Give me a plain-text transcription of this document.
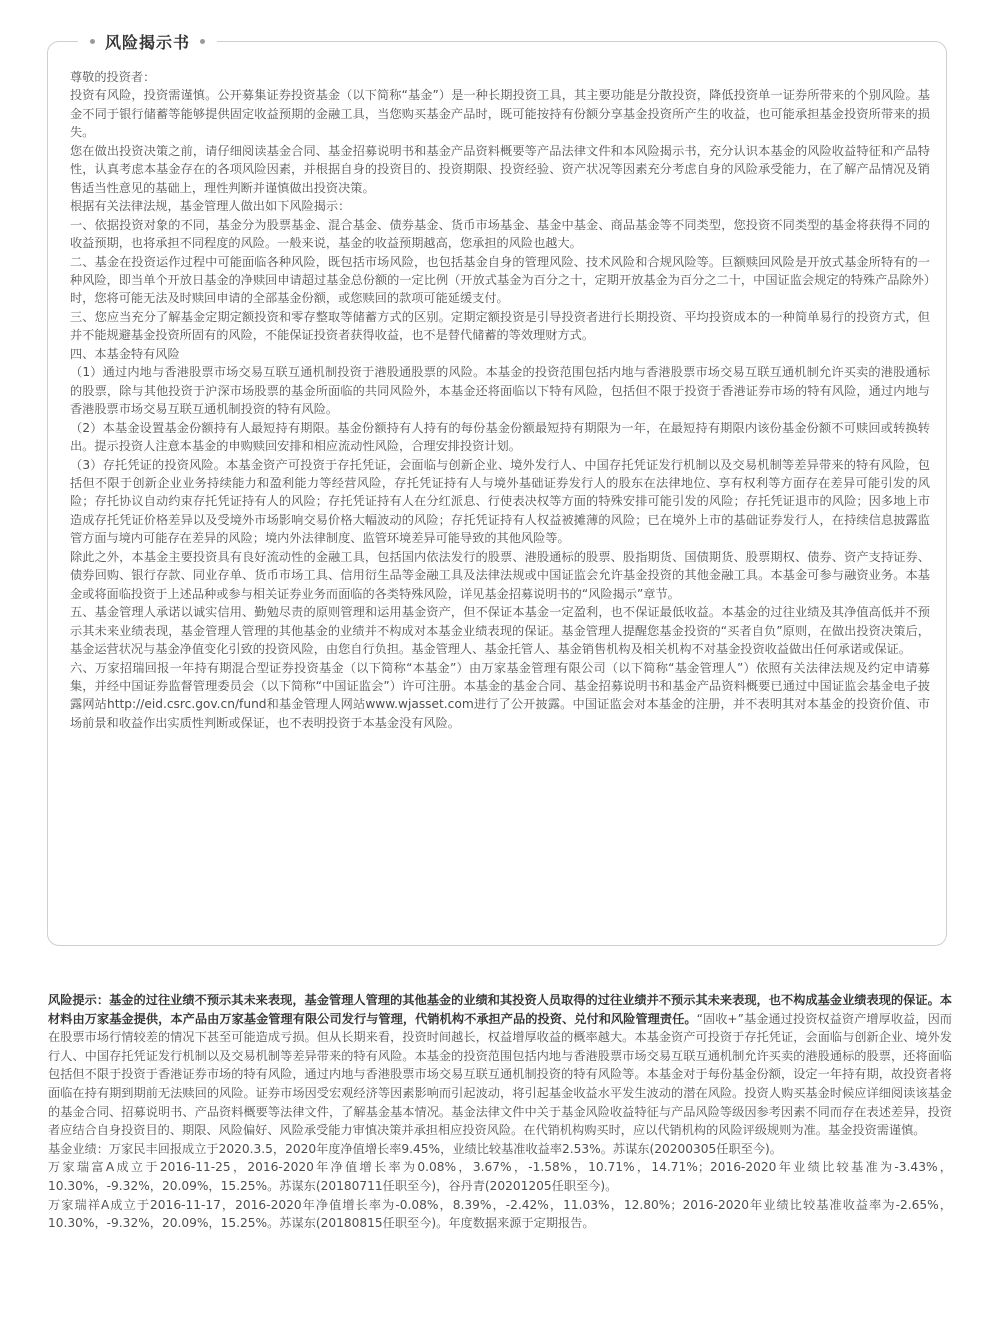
风险揭示书

尊敬的投资者：

投资有风险，投资需谨慎。公开募集证券投资基金（以下简称“基金”）是一种长期投资工具，其主要功能是分散投资，降低投资单一证券所带来的个别风险。基金不同于银行储蓄等能够提供固定收益预期的金融工具，当您购买基金产品时，既可能按持有份额分享基金投资所产生的收益，也可能承担基金投资所带来的损失。

您在做出投资决策之前，请仔细阅读基金合同、基金招募说明书和基金产品资料概要等产品法律文件和本风险揭示书，充分认识本基金的风险收益特征和产品特性，认真考虑本基金存在的各项风险因素，并根据自身的投资目的、投资期限、投资经验、资产状况等因素充分考虑自身的风险承受能力，在了解产品情况及销售适当性意见的基础上，理性判断并谨慎做出投资决策。

根据有关法律法规，基金管理人做出如下风险揭示：

一、依据投资对象的不同，基金分为股票基金、混合基金、债券基金、货币市场基金、基金中基金、商品基金等不同类型，您投资不同类型的基金将获得不同的收益预期，也将承担不同程度的风险。一般来说，基金的收益预期越高，您承担的风险也越大。

二、基金在投资运作过程中可能面临各种风险，既包括市场风险，也包括基金自身的管理风险、技术风险和合规风险等。巨额赎回风险是开放式基金所特有的一种风险，即当单个开放日基金的净赎回申请超过基金总份额的一定比例（开放式基金为百分之十，定期开放基金为百分之二十，中国证监会规定的特殊产品除外）时，您将可能无法及时赎回申请的全部基金份额，或您赎回的款项可能延缓支付。

三、您应当充分了解基金定期定额投资和零存整取等储蓄方式的区别。定期定额投资是引导投资者进行长期投资、平均投资成本的一种简单易行的投资方式，但并不能规避基金投资所固有的风险，不能保证投资者获得收益，也不是替代储蓄的等效理财方式。

四、本基金特有风险

（1）通过内地与香港股票市场交易互联互通机制投资于港股通股票的风险。本基金的投资范围包括内地与香港股票市场交易互联互通机制允许买卖的港股通标的股票，除与其他投资于沪深市场股票的基金所面临的共同风险外，本基金还将面临以下特有风险，包括但不限于投资于香港证券市场的特有风险，通过内地与香港股票市场交易互联互通机制投资的特有风险。

（2）本基金设置基金份额持有人最短持有期限。基金份额持有人持有的每份基金份额最短持有期限为一年，在最短持有期限内该份基金份额不可赎回或转换转出。提示投资人注意本基金的申购赎回安排和相应流动性风险，合理安排投资计划。

（3）存托凭证的投资风险。本基金资产可投资于存托凭证，会面临与创新企业、境外发行人、中国存托凭证发行机制以及交易机制等差异带来的特有风险，包括但不限于创新企业业务持续能力和盈利能力等经营风险，存托凭证持有人与境外基础证券发行人的股东在法律地位、享有权利等方面存在差异可能引发的风险；存托协议自动约束存托凭证持有人的风险；存托凭证持有人在分红派息、行使表决权等方面的特殊安排可能引发的风险；存托凭证退市的风险；因多地上市造成存托凭证价格差异以及受境外市场影响交易价格大幅波动的风险；存托凭证持有人权益被摊薄的风险；已在境外上市的基础证券发行人，在持续信息披露监管方面与境内可能存在差异的风险；境内外法律制度、监管环境差异可能导致的其他风险等。

除此之外，本基金主要投资具有良好流动性的金融工具，包括国内依法发行的股票、港股通标的股票、股指期货、国债期货、股票期权、债券、资产支持证券、债券回购、银行存款、同业存单、货币市场工具、信用衍生品等金融工具及法律法规或中国证监会允许基金投资的其他金融工具。本基金可参与融资业务。本基金或将面临投资于上述品种或参与相关证券业务而面临的各类特殊风险，详见基金招募说明书的“风险揭示”章节。

五、基金管理人承诺以诚实信用、勤勉尽责的原则管理和运用基金资产，但不保证本基金一定盈利，也不保证最低收益。本基金的过往业绩及其净值高低并不预示其未来业绩表现，基金管理人管理的其他基金的业绩并不构成对本基金业绩表现的保证。基金管理人提醒您基金投资的“买者自负”原则，在做出投资决策后，基金运营状况与基金净值变化引致的投资风险，由您自行负担。基金管理人、基金托管人、基金销售机构及相关机构不对基金投资收益做出任何承诺或保证。

六、万家招瑞回报一年持有期混合型证券投资基金（以下简称“本基金”）由万家基金管理有限公司（以下简称“基金管理人”）依照有关法律法规及约定申请募集，并经中国证券监督管理委员会（以下简称“中国证监会”）许可注册。本基金的基金合同、基金招募说明书和基金产品资料概要已通过中国证监会基金电子披露网站http://eid.csrc.gov.cn/fund和基金管理人网站www.wjasset.com进行了公开披露。中国证监会对本基金的注册，并不表明其对本基金的投资价值、市场前景和收益作出实质性判断或保证，也不表明投资于本基金没有风险。

风险提示：基金的过往业绩不预示其未来表现，基金管理人管理的其他基金的业绩和其投资人员取得的过往业绩并不预示其未来表现，也不构成基金业绩表现的保证。本材料由万家基金提供，本产品由万家基金管理有限公司发行与管理，代销机构不承担产品的投资、兑付和风险管理责任。“固收+”基金通过投资权益资产增厚收益，因而在股票市场行情较差的情况下甚至可能造成亏损。但从长期来看，投资时间越长，权益增厚收益的概率越大。本基金资产可投资于存托凭证，会面临与创新企业、境外发行人、中国存托凭证发行机制以及交易机制等差异带来的特有风险。本基金的投资范围包括内地与香港股票市场交易互联互通机制允许买卖的港股通标的股票，还将面临包括但不限于投资于香港证券市场的特有风险，通过内地与香港股票市场交易互联互通机制投资的特有风险等。本基金对于每份基金份额，设定一年持有期，故投资者将面临在持有期到期前无法赎回的风险。证券市场因受宏观经济等因素影响而引起波动，将引起基金收益水平发生波动的潜在风险。投资人购买基金时候应详细阅读该基金的基金合同、招募说明书、产品资料概要等法律文件，了解基金基本情况。基金法律文件中关于基金风险收益特征与产品风险等级因参考因素不同而存在表述差异，投资者应结合自身投资目的、期限、风险偏好、风险承受能力审慎决策并承担相应投资风险。在代销机构购买时，应以代销机构的风险评级规则为准。基金投资需谨慎。

基金业绩：万家民丰回报成立于2020.3.5，2020年度净值增长率9.45%，业绩比较基准收益率2.53%。苏谋东(20200305任职至今)。

万家瑞富A成立于2016-11-25，2016-2020年净值增长率为0.08%，3.67%，-1.58%，10.71%，14.71%；2016-2020年业绩比较基准为-3.43%，10.30%，-9.32%，20.09%，15.25%。苏谋东(20180711任职至今)，谷丹青(20201205任职至今)。

万家瑞祥A成立于2016-11-17，2016-2020年净值增长率为-0.08%，8.39%，-2.42%，11.03%，12.80%；2016-2020年业绩比较基准收益率为-2.65%，10.30%，-9.32%，20.09%，15.25%。苏谋东(20180815任职至今)。年度数据来源于定期报告。
